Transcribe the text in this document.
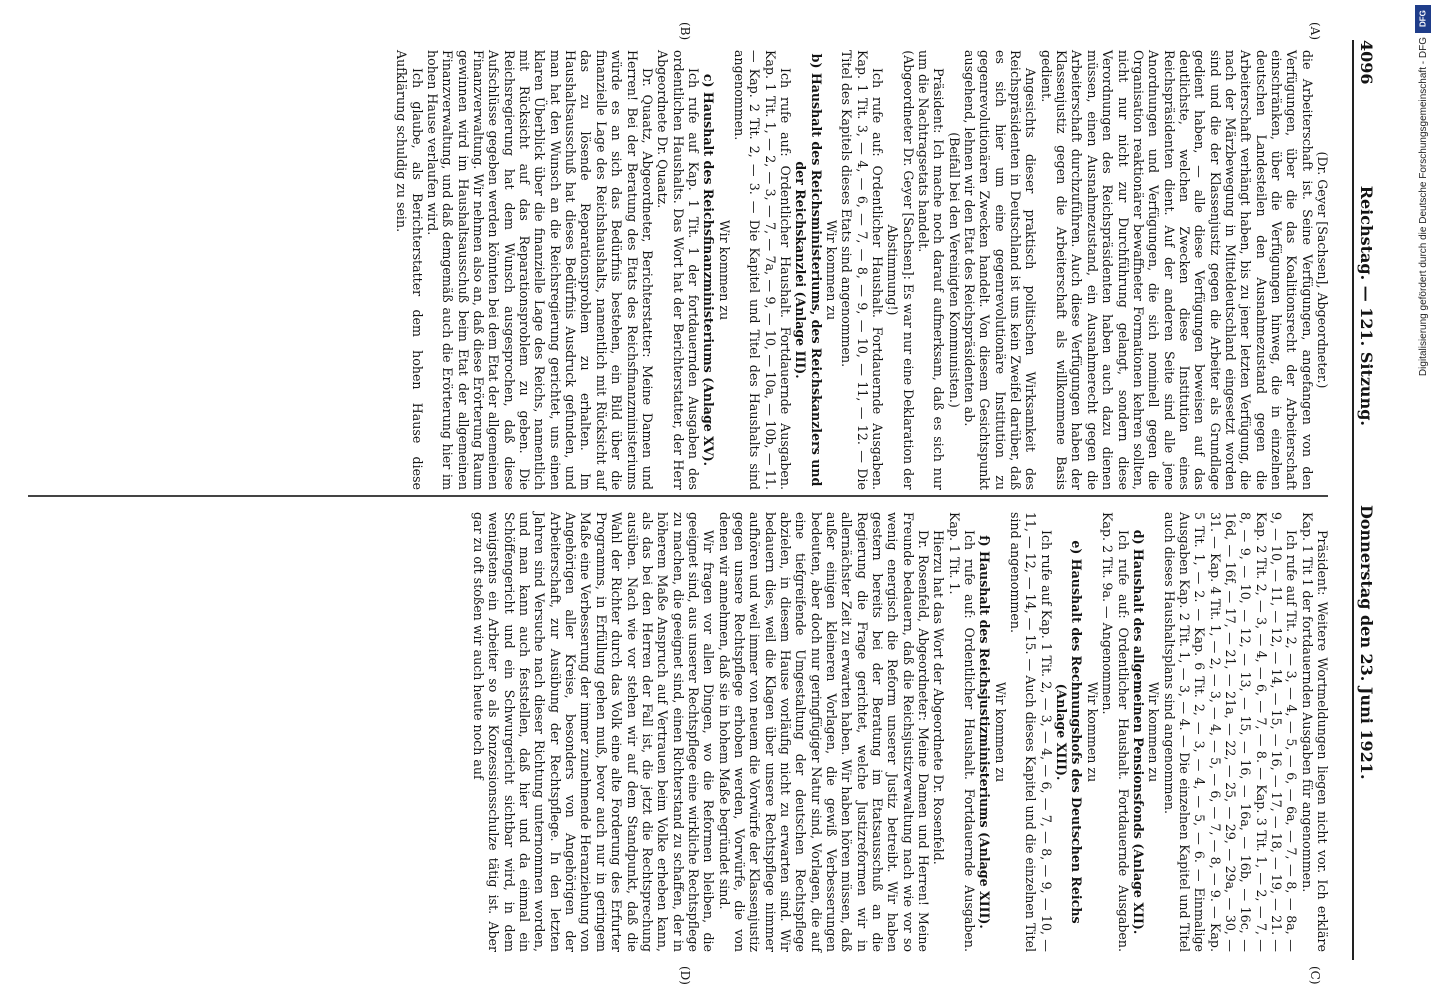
4096  Reichstag. — 121. Sitzung.
Donnerstag den 23. Juni 1921.
(A)
(B)
(C)
(D)

(Dr. Geyer [Sachsen], Abgeordneter.)

die Arbeiterschaft ist. Seine Verfügungen, angefangen von den Verfügungen, über die das Koalitionsrecht der Arbeiterschaft einschränken, über die Verfügungen hinweg, die in einzelnen deutschen Landesteilen den Ausnahmezustand gegen die Arbeiterschaft verhängt haben, bis zu jener letzten Verfügung, die nach der Märzbewegung in Mitteldeutschland eingesetzt worden sind und die der Klassenjustiz gegen die Arbeiter als Grundlage gedient haben, — alle diese Verfügungen beweisen auf das deutlichste, welchen Zwecken diese Institution eines Reichspräsidenten dient. Auf der anderen Seite sind alle jene Anordnungen und Verfügungen, die sich nominell gegen die Organisation reaktionärer bewaffneter Formationen kehren sollten, nicht nur nicht zur Durchführung gelangt, sondern diese Verordnungen des Reichspräsidenten haben auch dazu dienen müssen, einen Ausnahmezustand, ein Ausnahmerecht gegen die Arbeiterschaft durchzuführen. Auch diese Verfügungen haben der Klassenjustiz gegen die Arbeiterschaft als willkommene Basis gedient.

Angesichts dieser praktisch politischen Wirksamkeit des Reichspräsidenten in Deutschland ist uns kein Zweifel darüber, daß es sich hier um eine gegenrevolutionäre Institution zu gegenrevolutionären Zwecken handelt. Von diesem Gesichtspunkt ausgehend, lehnen wir den Etat des Reichspräsidenten ab.

(Beifall bei den Vereinigten Kommunisten.)

Präsident: Ich mache noch darauf aufmerksam, daß es sich nur um die Nachtragsetats handelt.

(Abgeordneter Dr. Geyer [Sachsen]: Es war nur eine Deklaration der Abstimmung!)

Ich rufe auf: Ordentlicher Haushalt. Fortdauernde Ausgaben. Kap. 1 Tit. 3, — 4, — 6, — 7, — 8, — 9, — 10, — 11, — 12. — Die Titel des Kapitels dieses Etats sind angenommen.

Wir kommen zu

b) Haushalt des Reichsministeriums, des Reichskanzlers und der Reichskanzlei (Anlage III).

Ich rufe auf: Ordentlicher Haushalt. Fortdauernde Ausgaben. Kap. 1 Tit. 1, — 2, — 3, — 7, — 7a, — 9, — 10, — 10a, — 10b, — 11. — Kap. 2 Tit. 2, — 3. — Die Kapitel und Titel des Haushalts sind angenommen.

Wir kommen zu

c) Haushalt des Reichsfinanzministeriums (Anlage XV).

Ich rufe auf Kap. 1 Tit. 1 der fortdauernden Ausgaben des ordentlichen Haushalts. Das Wort hat der Berichterstatter, der Herr Abgeordnete Dr. Quaatz.

Dr. Quaatz, Abgeordneter, Berichterstatter: Meine Damen und Herren! Bei der Beratung des Etats des Reichsfinanzministeriums würde es an sich das Bedürfnis bestehen, ein Bild über die finanzielle Lage des Reichshaushalts, namentlich mit Rücksicht auf das zu lösende Reparationsproblem zu erhalten. Im Haushaltsausschuß hat dieses Bedürfnis Ausdruck gefunden, und man hat den Wunsch an die Reichsregierung gerichtet, uns einen klaren Überblick über die finanzielle Lage des Reichs, namentlich mit Rücksicht auf das Reparationsproblem zu geben. Die Reichsregierung hat dem Wunsch ausgesprochen, daß diese Aufschlüsse gegeben werden könnten bei dem Etat der allgemeinen Finanzverwaltung. Wir nehmen also an, daß diese Erörterung Raum gewinnen wird im Haushaltsausschuß beim Etat der allgemeinen Finanzverwaltung, und daß demgemäß auch die Erörterung hier im hohen Hause verlaufen wird.

Ich glaube, als Berichterstatter dem hohen Hause diese Aufklärung schuldig zu sein.

Präsident: Weitere Wortmeldungen liegen nicht vor. Ich erkläre Kap. 1 Tit 1 der fortdauernden Ausgaben für angenommen.

Ich rufe auf Tit. 2, — 3, — 4, — 5, — 6, — 6a, — 7, — 8, — 8a, — 9, — 10, — 11, — 12, — 14, — 15, — 16, — 17, — 18, — 19, — 21. — Kap. 2 Tit. 2, — 3, — 4, — 6, — 7, — 8. — Kap. 3 Tit. 1, — 2, — 7, — 8, — 9, — 10, — 12, — 13, — 15, — 16, — 16a, — 16b, — 16c, — 16d, — 16f, — 17, — 21, — 21a, — 22, — 25, — 29, — 29a, — 30, — 31. — Kap. 4 Tit. 1, — 2, — 3, — 4, — 5, — 6, — 7, — 8, — 9. — Kap. 5 Tit. 1, — 2. — Kap. 6 Tit. 2, — 3, — 4, — 5, — 6. — Einmalige Ausgaben Kap. 2 Tit. 1, — 3, — 4. — Die einzelnen Kapitel und Titel auch dieses Haushaltsplans sind angenommen.

Wir kommen zu

d) Haushalt des allgemeinen Pensionsfonds (Anlage XII).

Ich rufe auf: Ordentlicher Haushalt. Fortdauernde Ausgaben. Kap. 2 Tit. 9a. — Angenommen.

Wir kommen zu

e) Haushalt des Rechnungshofs des Deutschen Reichs (Anlage XIII).

Ich rufe auf Kap. 1 Tit. 2, — 3, — 4, — 6, — 7, — 8, — 9, — 10, — 11, — 12, — 14, — 15. — Auch dieses Kapitel und die einzelnen Titel sind angenommen.

Wir kommen zu

f) Haushalt des Reichsjustizministeriums (Anlage XIII).

Ich rufe auf: Ordentlicher Haushalt. Fortdauernde Ausgaben. Kap. 1 Tit. 1.

Hierzu hat das Wort der Abgeordnete Dr. Rosenfeld.

Dr. Rosenfeld, Abgeordneter: Meine Damen und Herren! Meine Freunde bedauern, daß die Reichsjustizverwaltung nach wie vor so wenig energisch die Reform unserer Justiz betreibt. Wir haben gestern bereits bei der Beratung im Etatsausschuß an die Regierung die Frage gerichtet, welche Justizreformen wir in allernächster Zeit zu erwarten haben. Wir haben hören müssen, daß außer einigen kleineren Vorlagen, die gewiß Verbesserungen bedeuten, aber doch nur geringfügiger Natur sind, Vorlagen, die auf eine tiefgreifende Umgestaltung der deutschen Rechtspflege abzielen, in diesem Hause vorläufig nicht zu erwarten sind. Wir bedauern dies, weil die Klagen über unsere Rechtspflege nimmer aufhören und weil immer von neuem die Vorwürfe der Klassenjustiz gegen unsere Rechtspflege erhoben werden, Vorwürfe, die von denen wir annehmen, daß sie in hohem Maße begründet sind.

Wir fragen vor allen Dingen, wo die Reformen bleiben, die geeignet sind, aus unserer Rechtspflege eine wirkliche Rechtspflege zu machen, die geeignet sind, einen Richterstand zu schaffen, der in höherem Maße Anspruch auf Vertrauen beim Volke erheben kann, als das bei den Herren der Fall ist, die jetzt die Rechtsprechung ausüben. Nach wie vor stehen wir auf dem Standpunkt, daß die Wahl der Richter durch das Volk eine alte Forderung des Erfurter Programms, in Erfüllung gehen muß, bevor auch nur in geringem Maße eine Verbesserung der immer zunehmende Heranziehung von Angehörigen aller Kreise, besonders von Angehörigen der Arbeiterschaft, zur Ausübung der Rechtspflege. In den letzten Jahren sind Versuche nach dieser Richtung unternommen worden, und man kann auch feststellen, daß hier und da einmal ein Schöffengericht und ein Schwurgericht sichtbar wird, in dem wenigstens ein Arbeiter so als Konzessionsschulze tätig ist. Aber gar zu oft stoßen wir auch heute noch auf

DFG
Digitalisierung gefördert durch die Deutsche Forschungsgemeinschaft - DFG
